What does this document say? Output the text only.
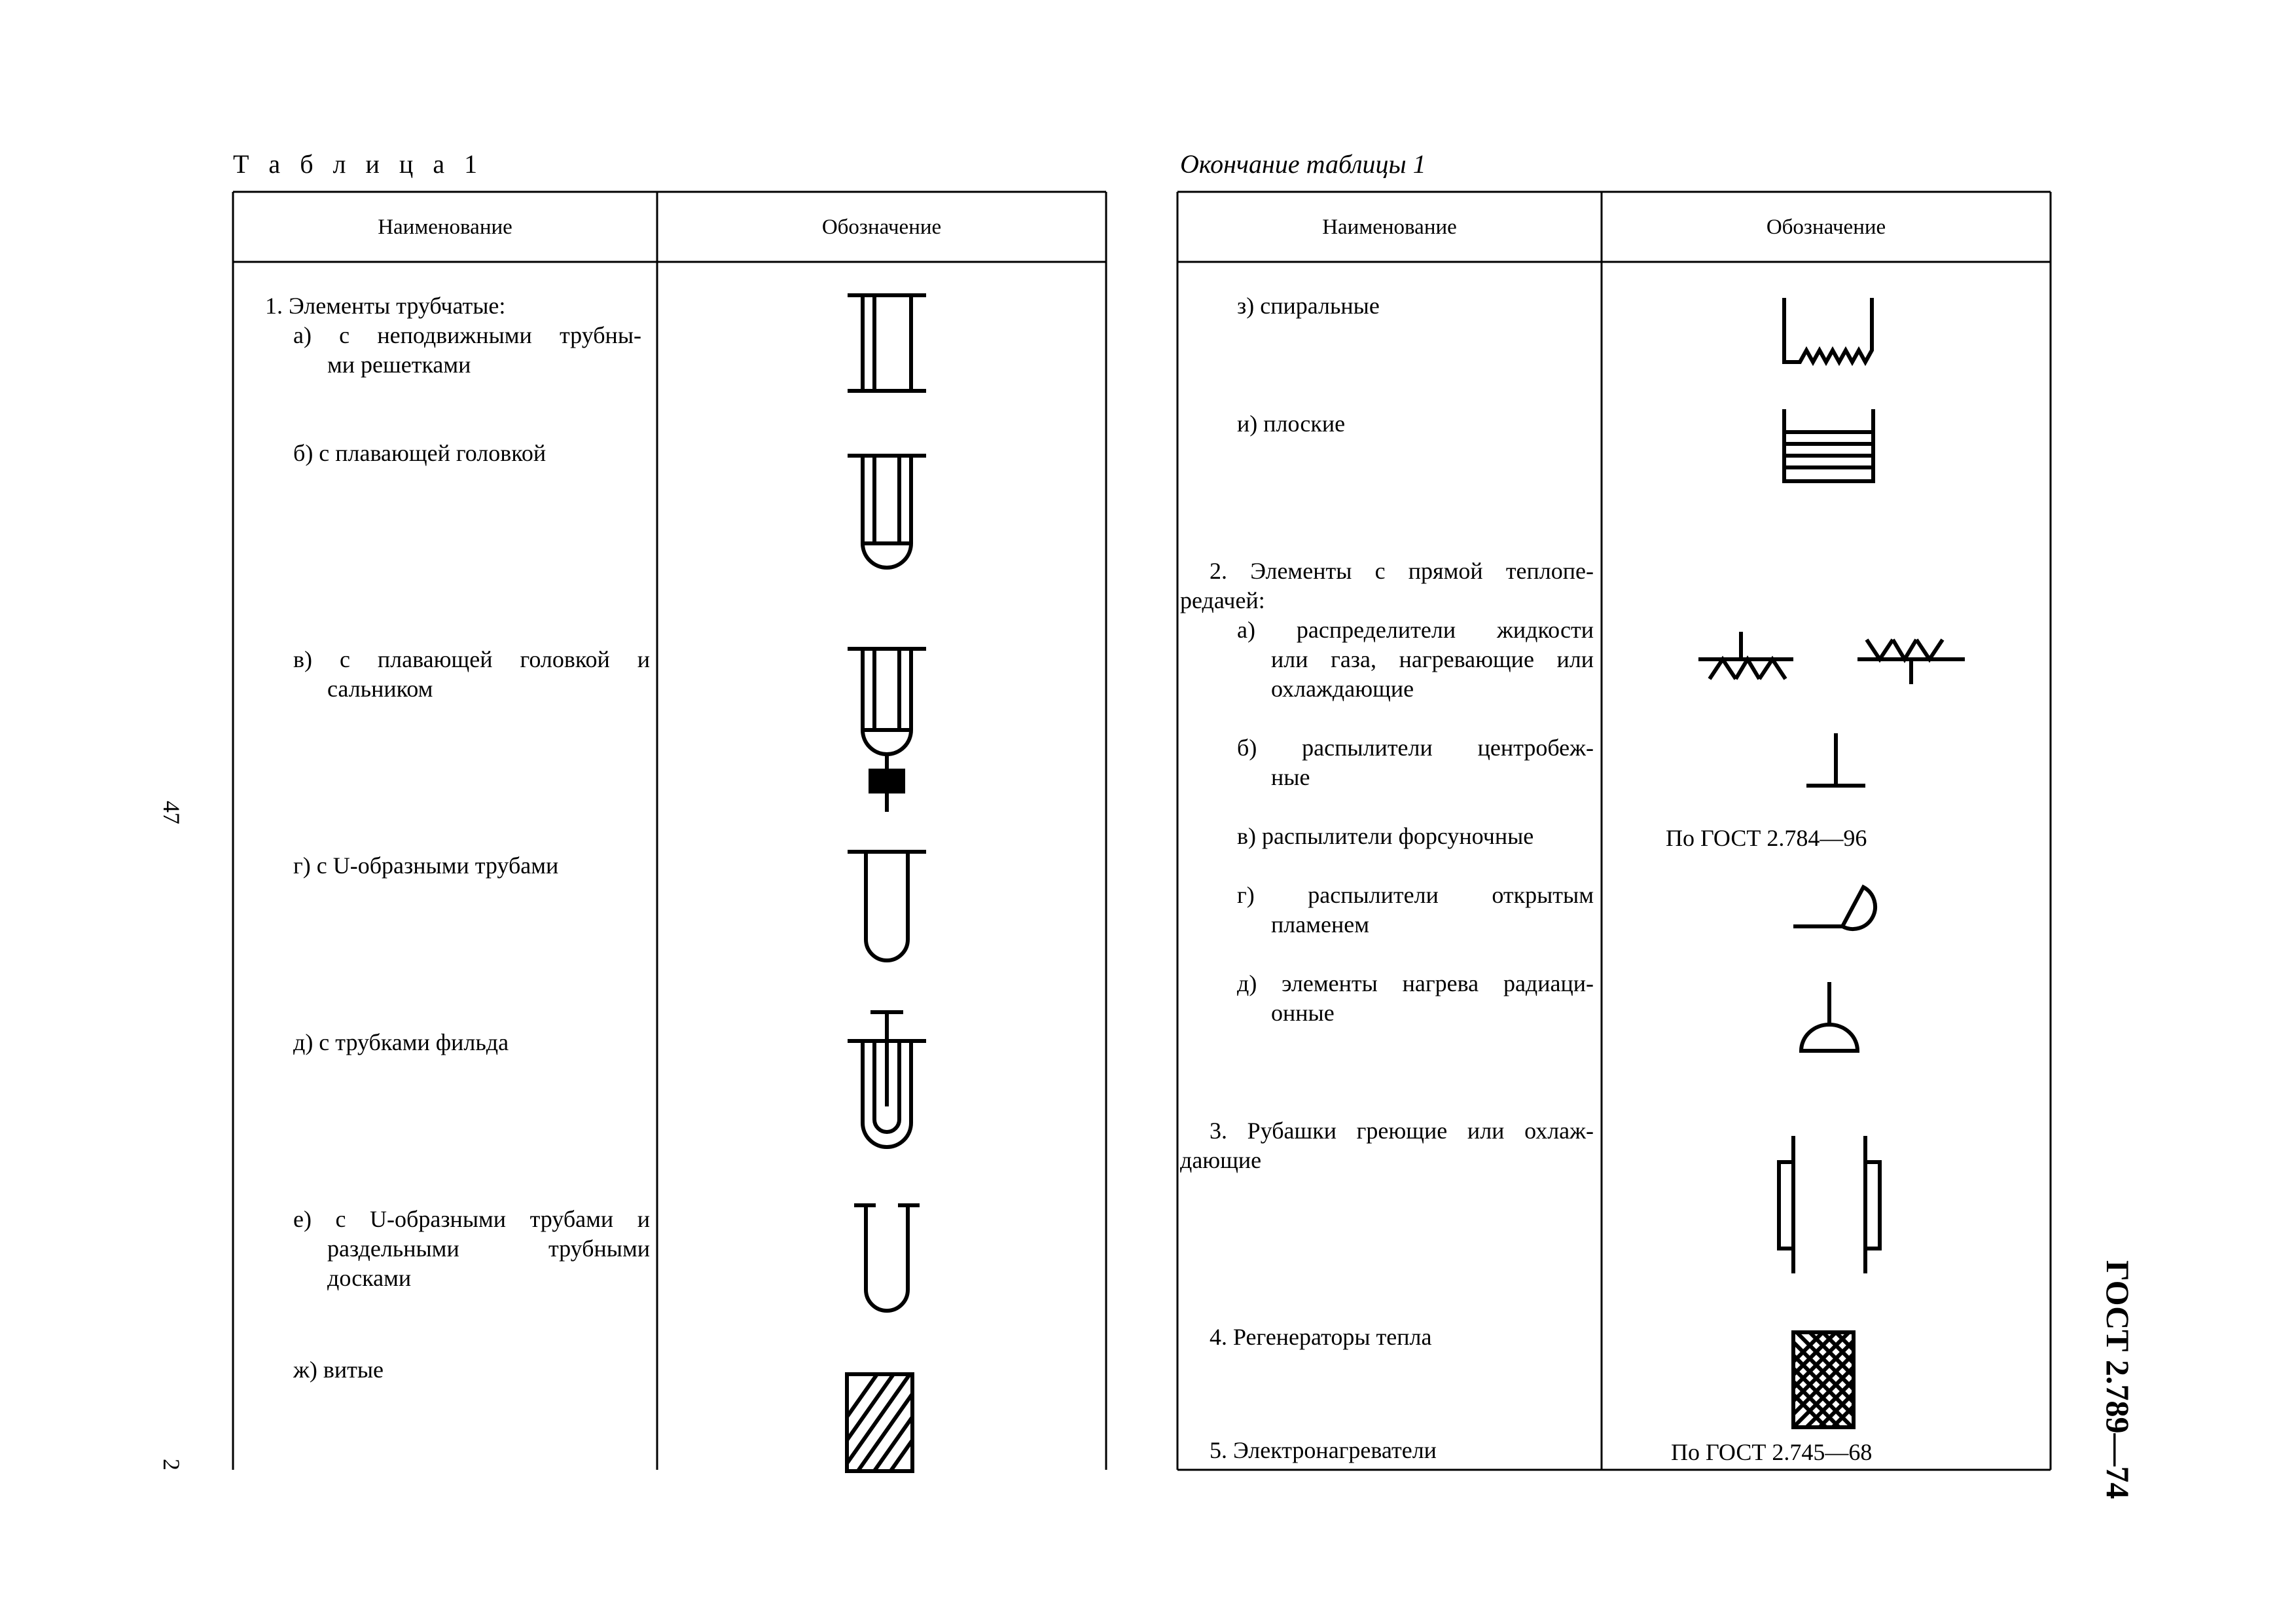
Т а б л и ц а 1	Окончание таблицы 1
Наименование	Обозначение	Наименование	Обозначение
1. Элементы трубчатые:
а) с неподвижными трубны-
ми решетками
б) с плавающей головкой
в) с плавающей головкой и
сальником
г) с U-образными трубами
д) с трубками фильда
е) с U-образными трубами и
раздельными трубными
досками
ж) витые
з) спиральные
и) плоские
2. Элементы с прямой теплопе-
редачей:
а) распределители жидкости
или газа, нагревающие или
охлаждающие
б) распылители центробеж-
ные
в) распылители форсуночные	По ГОСТ 2.784—96
г) распылители открытым
пламенем
д) элементы нагрева радиаци-
онные
3. Рубашки греющие или охлаж-
дающие
4. Регенераторы тепла
5. Электронагреватели	По ГОСТ 2.745—68
47
2	ГОСТ 2.789—74
